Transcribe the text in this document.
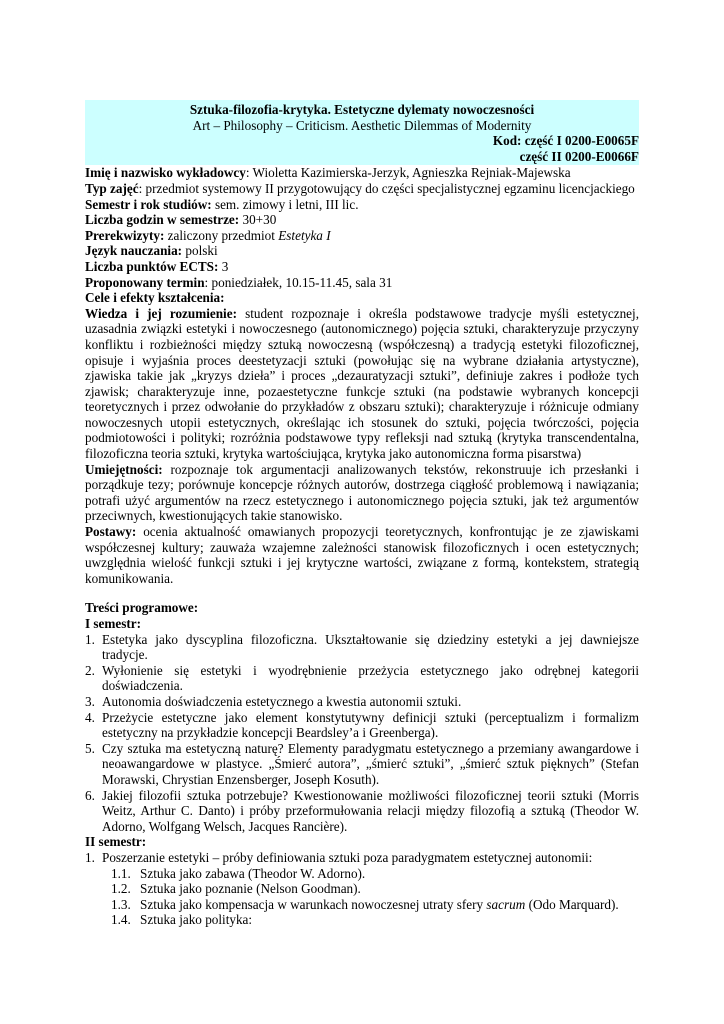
Sztuka-filozofia-krytyka. Estetyczne dylematy nowoczesności
Art – Philosophy – Criticism. Aesthetic Dilemmas of Modernity
Kod: część I 0200-E0065F
część II 0200-E0066F
Imię i nazwisko wykładowcy: Wioletta Kazimierska-Jerzyk, Agnieszka Rejniak-Majewska
Typ zajęć: przedmiot systemowy II przygotowujący do części specjalistycznej egzaminu licencjackiego
Semestr i rok studiów: sem. zimowy i letni, III lic.
Liczba godzin w semestrze: 30+30
Prerekwizyty: zaliczony przedmiot Estetyka I
Język nauczania: polski
Liczba punktów ECTS: 3
Proponowany termin: poniedziałek, 10.15-11.45, sala 31
Cele i efekty kształcenia:
Wiedza i jej rozumienie: student rozpoznaje i określa podstawowe tradycje myśli estetycznej, uzasadnia związki estetyki i nowoczesnego (autonomicznego) pojęcia sztuki, charakteryzuje przyczyny konfliktu i rozbieżności między sztuką nowoczesną (współczesną) a tradycją estetyki filozoficznej, opisuje i wyjaśnia proces deestetyzacji sztuki (powołując się na wybrane działania artystyczne), zjawiska takie jak „kryzys dzieła” i proces „dezauratyzacji sztuki”, definiuje zakres i podłoże tych zjawisk; charakteryzuje inne, pozaestetyczne funkcje sztuki (na podstawie wybranych koncepcji teoretycznych i przez odwołanie do przykładów z obszaru sztuki); charakteryzuje i różnicuje odmiany nowoczesnych utopii estetycznych, określając ich stosunek do sztuki, pojęcia twórczości, pojęcia podmiotowości i polityki; rozróżnia podstawowe typy refleksji nad sztuką (krytyka transcendentalna, filozoficzna teoria sztuki, krytyka wartościująca, krytyka jako autonomiczna forma pisarstwa)
Umiejętności: rozpoznaje tok argumentacji analizowanych tekstów, rekonstruuje ich przesłanki i porządkuje tezy; porównuje koncepcje różnych autorów, dostrzega ciągłość problemową i nawiązania; potrafi użyć argumentów na rzecz estetycznego i autonomicznego pojęcia sztuki, jak też argumentów przeciwnych, kwestionujących takie stanowisko.
Postawy: ocenia aktualność omawianych propozycji teoretycznych, konfrontując je ze zjawiskami współczesnej kultury; zauważa wzajemne zależności stanowisk filozoficznych i ocen estetycznych; uwzględnia wielość funkcji sztuki i jej krytyczne wartości, związane z formą, kontekstem, strategią komunikowania.
Treści programowe:
I semestr:
1. Estetyka jako dyscyplina filozoficzna. Ukształtowanie się dziedziny estetyki a jej dawniejsze tradycje.
2. Wyłonienie się estetyki i wyodrębnienie przeżycia estetycznego jako odrębnej kategorii doświadczenia.
3. Autonomia doświadczenia estetycznego a kwestia autonomii sztuki.
4. Przeżycie estetyczne jako element konstytutywny definicji sztuki (perceptualizm i formalizm estetyczny na przykładzie koncepcji Beardsley’a i Greenberga).
5. Czy sztuka ma estetyczną naturę? Elementy paradygmatu estetycznego a przemiany awangardowe i neoawangardowe w plastyce. „Śmierć autora”, „śmierć sztuki”, „śmierć sztuk pięknych” (Stefan Morawski, Chrystian Enzensberger, Joseph Kosuth).
6. Jakiej filozofii sztuka potrzebuje? Kwestionowanie możliwości filozoficznej teorii sztuki (Morris Weitz, Arthur C. Danto) i próby przeformułowania relacji między filozofią a sztuką (Theodor W. Adorno, Wolfgang Welsch, Jacques Rancière).
II semestr:
1. Poszerzanie estetyki – próby definiowania sztuki poza paradygmatem estetycznej autonomii:
1.1. Sztuka jako zabawa (Theodor W. Adorno).
1.2. Sztuka jako poznanie (Nelson Goodman).
1.3. Sztuka jako kompensacja w warunkach nowoczesnej utraty sfery sacrum (Odo Marquard).
1.4. Sztuka jako polityka:
